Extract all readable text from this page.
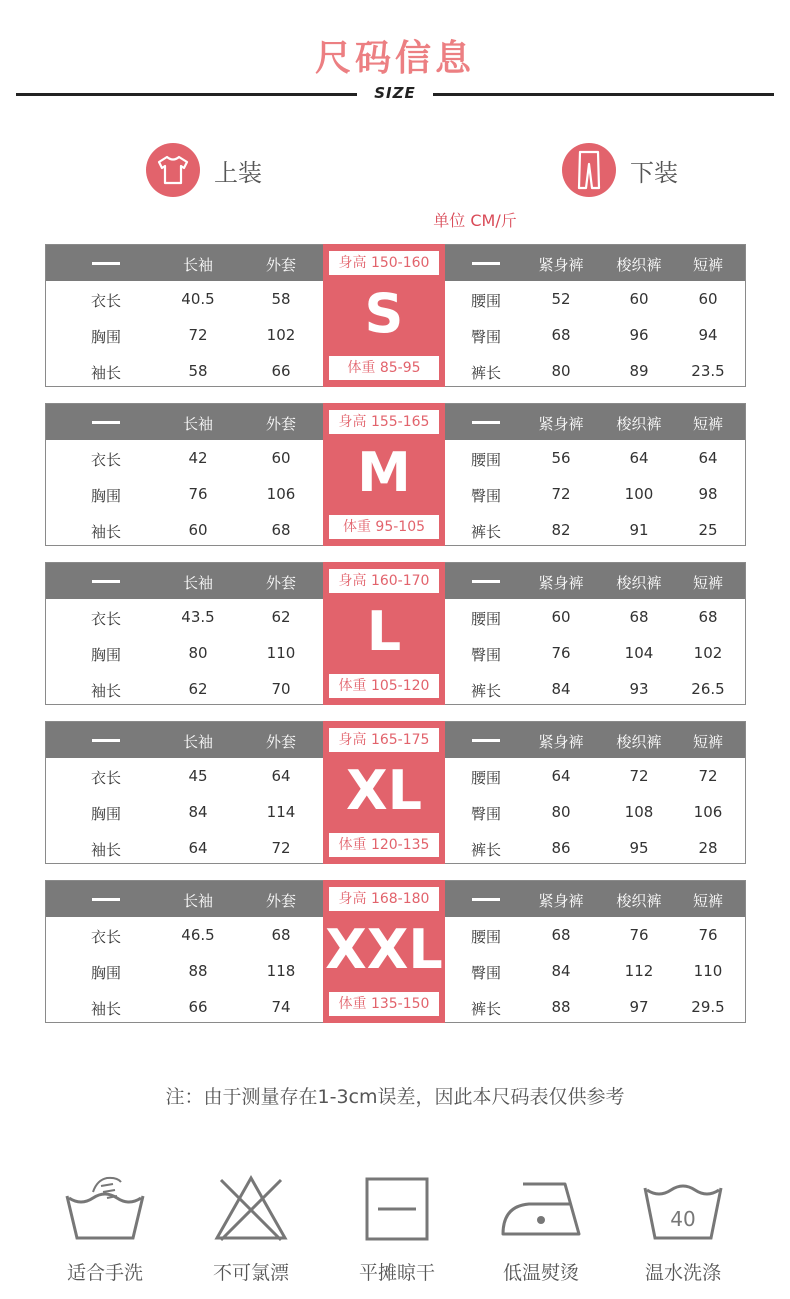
尺码信息
SIZE
上装	下装
单位 CM/斤
长袖	外套	紧身裤	梭织裤	短裤
衣长	40.5	58	腰围	52	60	60
胸围	72	102	臀围	68	96	94
袖长	58	66	裤长	80	89	23.5
身高 150-160
S
体重 85-95
长袖	外套	紧身裤	梭织裤	短裤
衣长	42	60	腰围	56	64	64
胸围	76	106	臀围	72	100	98
袖长	60	68	裤长	82	91	25
身高 155-165
M
体重 95-105
长袖	外套	紧身裤	梭织裤	短裤
衣长	43.5	62	腰围	60	68	68
胸围	80	110	臀围	76	104	102
袖长	62	70	裤长	84	93	26.5
身高 160-170
L
体重 105-120
长袖	外套	紧身裤	梭织裤	短裤
衣长	45	64	腰围	64	72	72
胸围	84	114	臀围	80	108	106
袖长	64	72	裤长	86	95	28
身高 165-175
XL
体重 120-135
长袖	外套	紧身裤	梭织裤	短裤
衣长	46.5	68	腰围	68	76	76
胸围	88	118	臀围	84	112	110
袖长	66	74	裤长	88	97	29.5
身高 168-180
XXL
体重 135-150
注：由于测量存在1-3cm误差，因此本尺码表仅供参考
适合手洗	不可氯漂	平摊晾干	低温熨烫
40
温水洗涤
